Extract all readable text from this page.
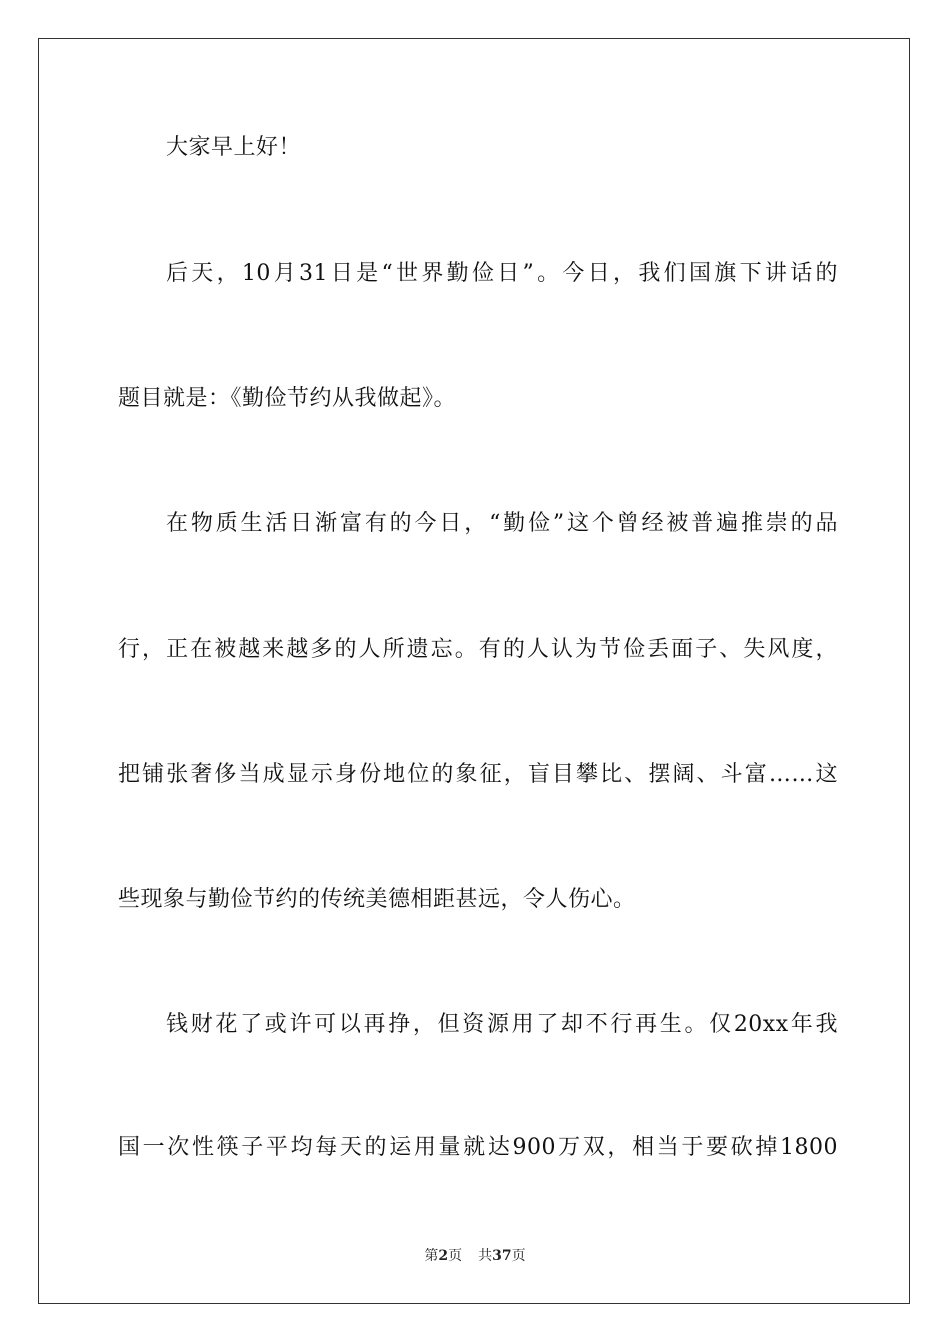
大家早上好！
后天，10月31日是“世界勤俭日”。今日，我们国旗下讲话的
题目就是：《勤俭节约从我做起》。
在物质生活日渐富有的今日，“勤俭”这个曾经被普遍推崇的品
行，正在被越来越多的人所遗忘。有的人认为节俭丢面子、失风度，
把铺张奢侈当成显示身份地位的象征，盲目攀比、摆阔、斗富……这
些现象与勤俭节约的传统美德相距甚远，令人伤心。
钱财花了或许可以再挣，但资源用了却不行再生。仅20xx年我
国一次性筷子平均每天的运用量就达900万双，相当于要砍掉1800
第2页 共37页
